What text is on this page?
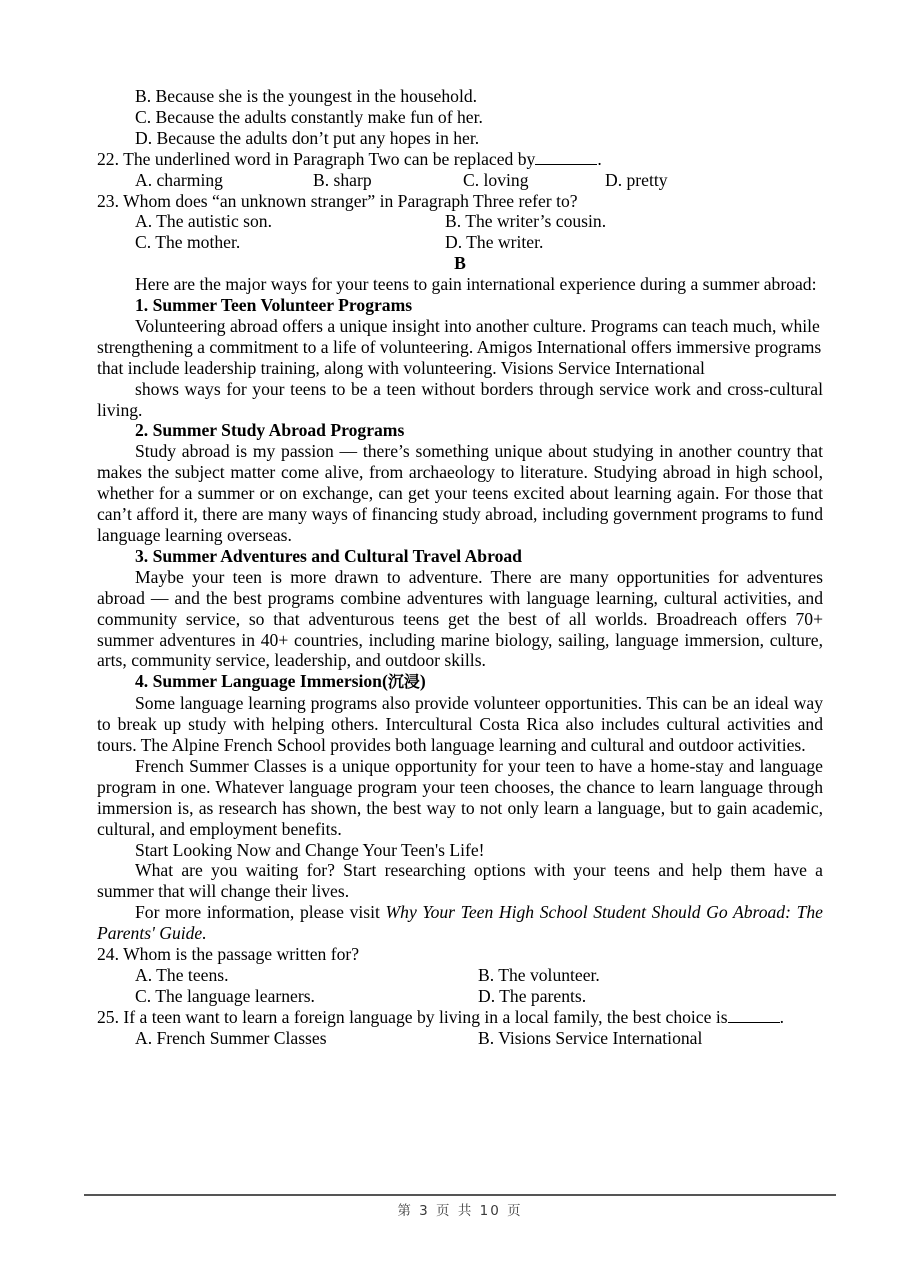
B. Because she is the youngest in the household.
C. Because the adults constantly make fun of her.
D. Because the adults don’t put any hopes in her.
22. The underlined word in Paragraph Two can be replaced by	.
A. charming	B. sharp	C. loving	D. pretty
23. Whom does “an unknown stranger” in Paragraph Three refer to?
A. The autistic son.	B. The writer’s cousin.
C. The mother.	D. The writer.
B
Here are the major ways for your teens to gain international experience during a summer abroad:
1. Summer Teen Volunteer Programs
Volunteering abroad offers a unique insight into another culture. Programs can teach much, while strengthening a commitment to a life of volunteering. Amigos International offers immersive programs that include leadership training, along with volunteering. Visions Service International
shows ways for your teens to be a teen without borders through service work and cross-cultural living.
2. Summer Study Abroad Programs
Study abroad is my passion — there’s something unique about studying in another country that makes the subject matter come alive, from archaeology to literature. Studying abroad in high school, whether for a summer or on exchange, can get your teens excited about learning again. For those that can’t afford it, there are many ways of financing study abroad, including government programs to fund language learning overseas.
3. Summer Adventures and Cultural Travel Abroad
Maybe your teen is more drawn to adventure. There are many opportunities for adventures abroad — and the best programs combine adventures with language learning, cultural activities, and community service, so that adventurous teens get the best of all worlds. Broadreach offers 70+ summer adventures in 40+ countries, including marine biology, sailing, language immersion, culture, arts, community service, leadership, and outdoor skills.
4. Summer Language Immersion(沉浸)
Some language learning programs also provide volunteer opportunities. This can be an ideal way to break up study with helping others. Intercultural Costa Rica also includes cultural activities and tours. The Alpine French School provides both language learning and cultural and outdoor activities.
French Summer Classes is a unique opportunity for your teen to have a home-stay and language program in one. Whatever language program your teen chooses, the chance to learn language through immersion is, as research has shown, the best way to not only learn a language, but to gain academic, cultural, and employment benefits.
Start Looking Now and Change Your Teen's Life!
What are you waiting for? Start researching options with your teens and help them have a summer that will change their lives.
For more information, please visit Why Your Teen High School Student Should Go Abroad: The Parents' Guide.
24. Whom is the passage written for?
A. The teens.	B. The volunteer.
C. The language learners.	D. The parents.
25. If a teen want to learn a foreign language by living in a local family, the best choice is	.
A. French Summer Classes	B. Visions Service International
第 3 页 共 10 页
